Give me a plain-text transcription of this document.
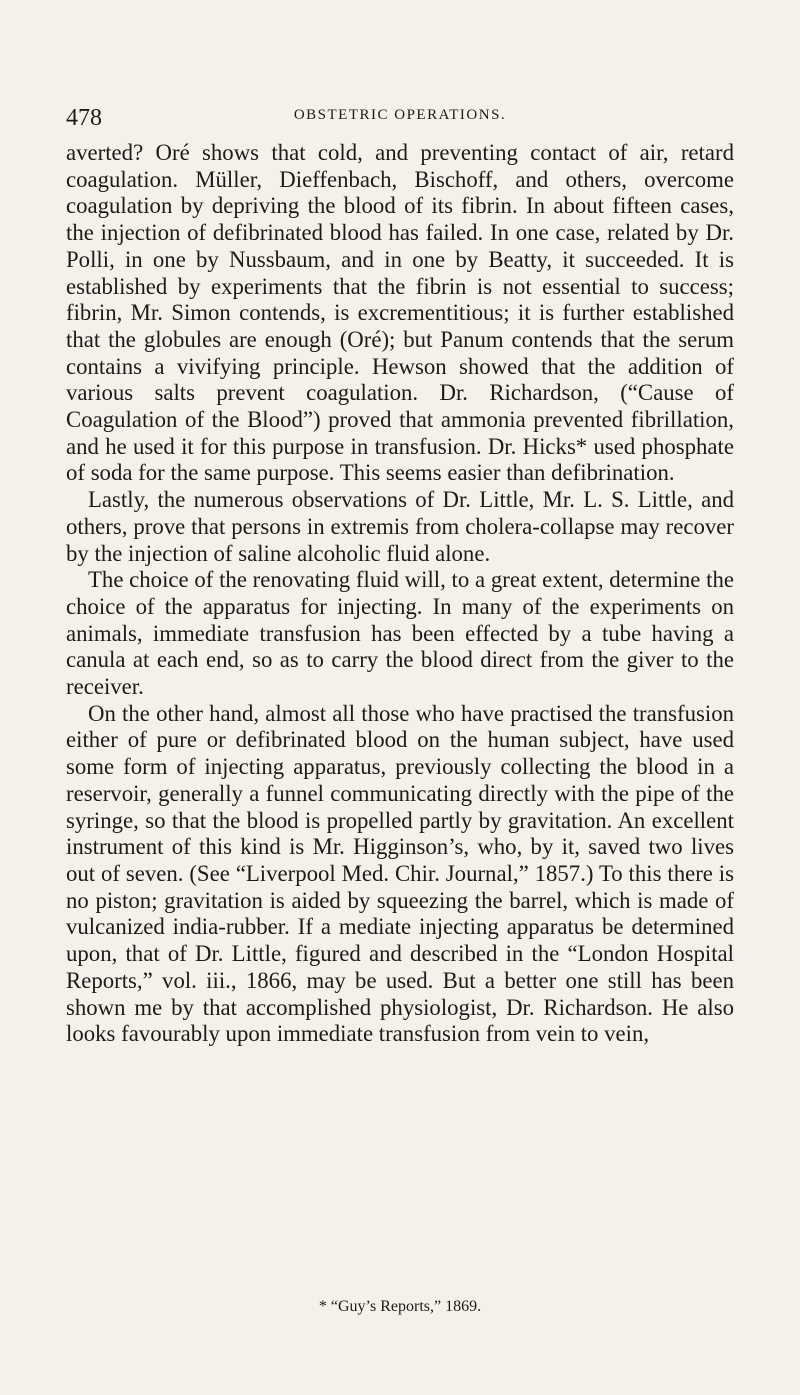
478	OBSTETRIC OPERATIONS.

averted? Oré shows that cold, and preventing contact of air, retard coagulation. Müller, Dieffenbach, Bischoff, and others, overcome coagulation by depriving the blood of its fibrin. In about fifteen cases, the injection of defibrinated blood has failed. In one case, related by Dr. Polli, in one by Nussbaum, and in one by Beatty, it succeeded. It is established by experiments that the fibrin is not essential to success; fibrin, Mr. Simon contends, is excrementitious; it is further established that the globules are enough (Oré); but Panum contends that the serum contains a vivifying principle. Hewson showed that the addition of various salts prevent coagulation. Dr. Richardson, (“Cause of Coagulation of the Blood”) proved that ammonia prevented fibrillation, and he used it for this purpose in transfusion. Dr. Hicks* used phosphate of soda for the same purpose. This seems easier than defibrination.

Lastly, the numerous observations of Dr. Little, Mr. L. S. Little, and others, prove that persons in extremis from cholera-collapse may recover by the injection of saline alcoholic fluid alone.

The choice of the renovating fluid will, to a great extent, determine the choice of the apparatus for injecting. In many of the experiments on animals, immediate transfusion has been effected by a tube having a canula at each end, so as to carry the blood direct from the giver to the receiver.

On the other hand, almost all those who have practised the transfusion either of pure or defibrinated blood on the human subject, have used some form of injecting apparatus, previously collecting the blood in a reservoir, generally a funnel communicating directly with the pipe of the syringe, so that the blood is propelled partly by gravitation. An excellent instrument of this kind is Mr. Higginson’s, who, by it, saved two lives out of seven. (See “Liverpool Med. Chir. Journal,” 1857.) To this there is no piston; gravitation is aided by squeezing the barrel, which is made of vulcanized india-rubber. If a mediate injecting apparatus be determined upon, that of Dr. Little, figured and described in the “London Hospital Reports,” vol. iii., 1866, may be used. But a better one still has been shown me by that accomplished physiologist, Dr. Richardson. He also looks favourably upon immediate transfusion from vein to vein,

* “Guy’s Reports,” 1869.
